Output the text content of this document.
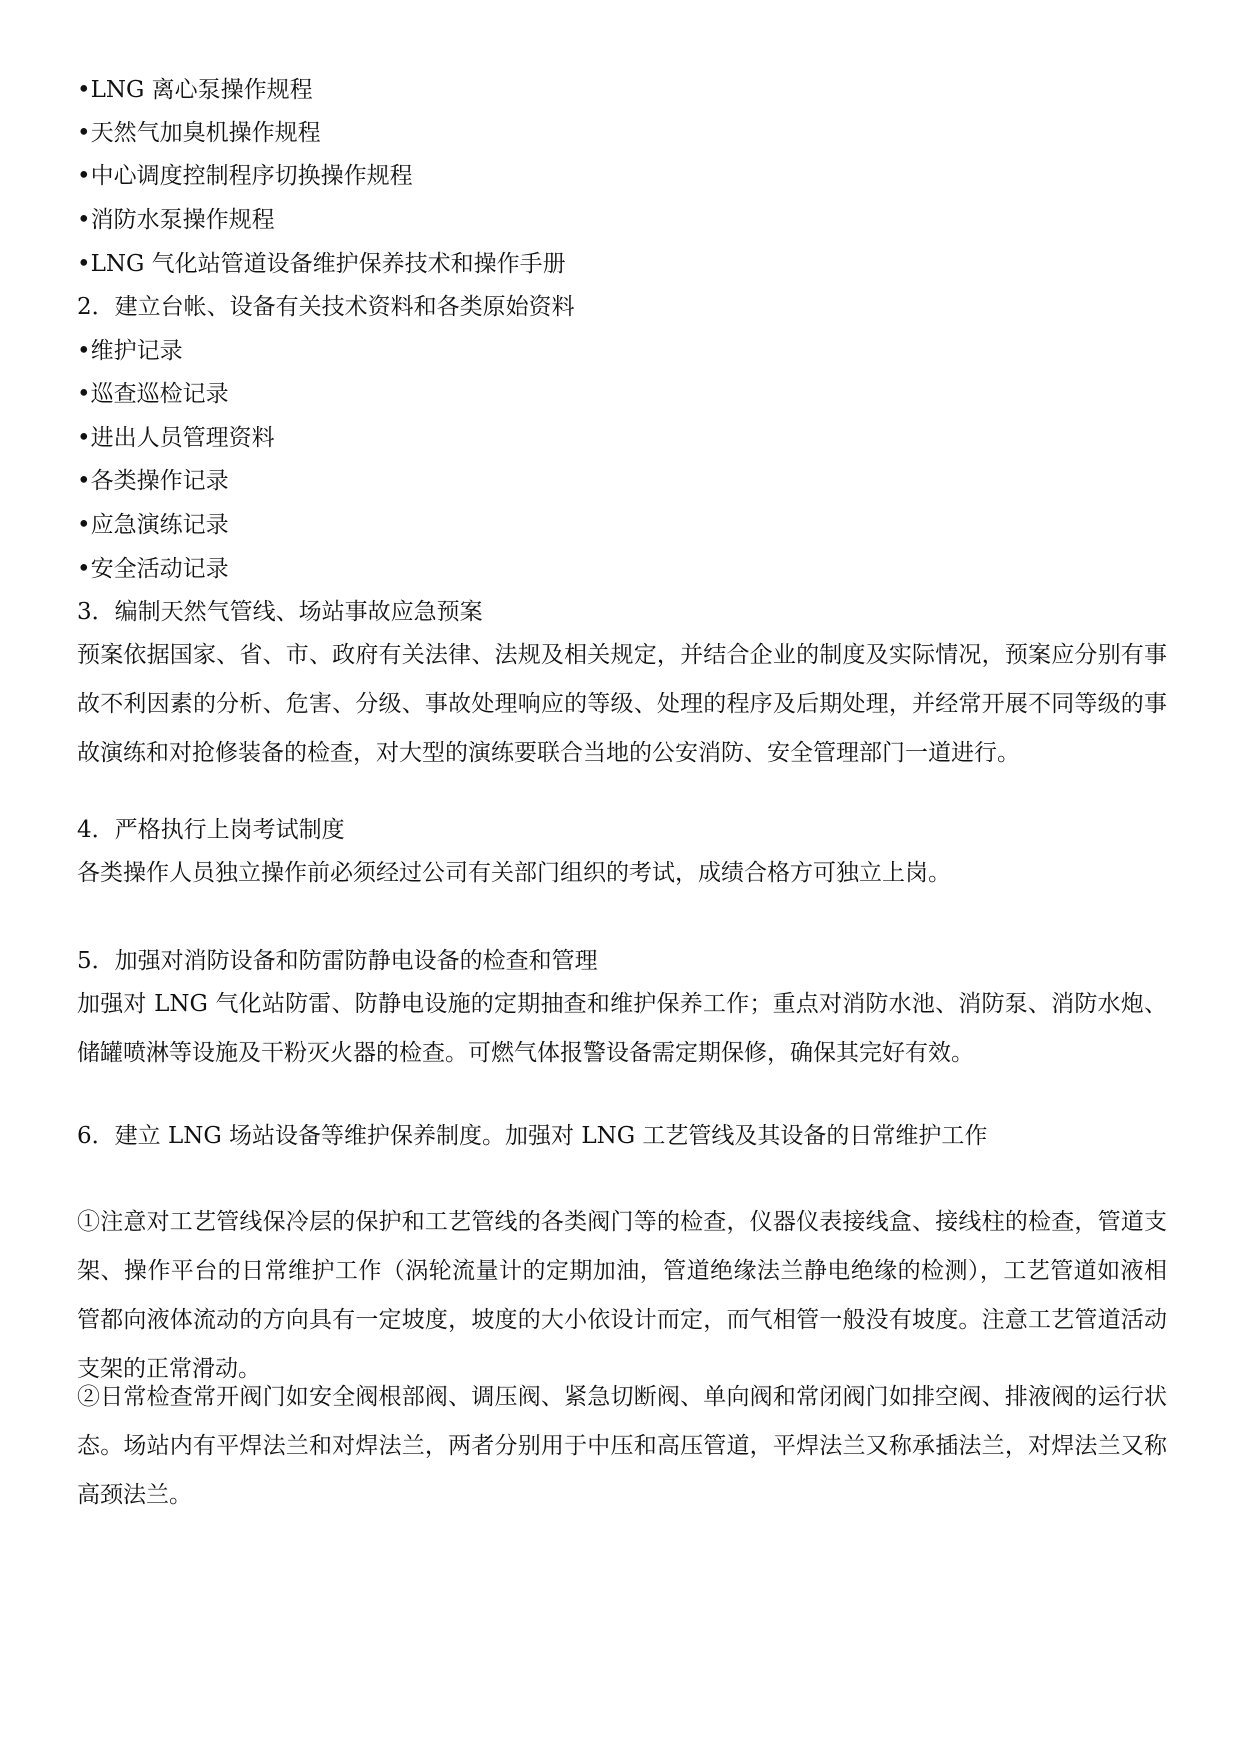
• LNG 离心泵操作规程
• 天然气加臭机操作规程
• 中心调度控制程序切换操作规程
• 消防水泵操作规程
• LNG 气化站管道设备维护保养技术和操作手册
2．建立台帐、设备有关技术资料和各类原始资料
• 维护记录
• 巡查巡检记录
• 进出人员管理资料
• 各类操作记录
• 应急演练记录
• 安全活动记录
3．编制天然气管线、场站事故应急预案
预案依据国家、省、市、政府有关法律、法规及相关规定，并结合企业的制度及实际情况，预案应分别有事故不利因素的分析、危害、分级、事故处理响应的等级、处理的程序及后期处理，并经常开展不同等级的事故演练和对抢修装备的检查，对大型的演练要联合当地的公安消防、安全管理部门一道进行。
4．严格执行上岗考试制度
各类操作人员独立操作前必须经过公司有关部门组织的考试，成绩合格方可独立上岗。
5．加强对消防设备和防雷防静电设备的检查和管理
加强对 LNG 气化站防雷、防静电设施的定期抽查和维护保养工作；重点对消防水池、消防泵、消防水炮、储罐喷淋等设施及干粉灭火器的检查。可燃气体报警设备需定期保修，确保其完好有效。
6．建立 LNG 场站设备等维护保养制度。加强对 LNG 工艺管线及其设备的日常维护工作
①注意对工艺管线保冷层的保护和工艺管线的各类阀门等的检查，仪器仪表接线盒、接线柱的检查，管道支架、操作平台的日常维护工作（涡轮流量计的定期加油，管道绝缘法兰静电绝缘的检测），工艺管道如液相管都向液体流动的方向具有一定坡度，坡度的大小依设计而定，而气相管一般没有坡度。注意工艺管道活动支架的正常滑动。
②日常检查常开阀门如安全阀根部阀、调压阀、紧急切断阀、单向阀和常闭阀门如排空阀、排液阀的运行状态。场站内有平焊法兰和对焊法兰，两者分别用于中压和高压管道，平焊法兰又称承插法兰，对焊法兰又称高颈法兰。
